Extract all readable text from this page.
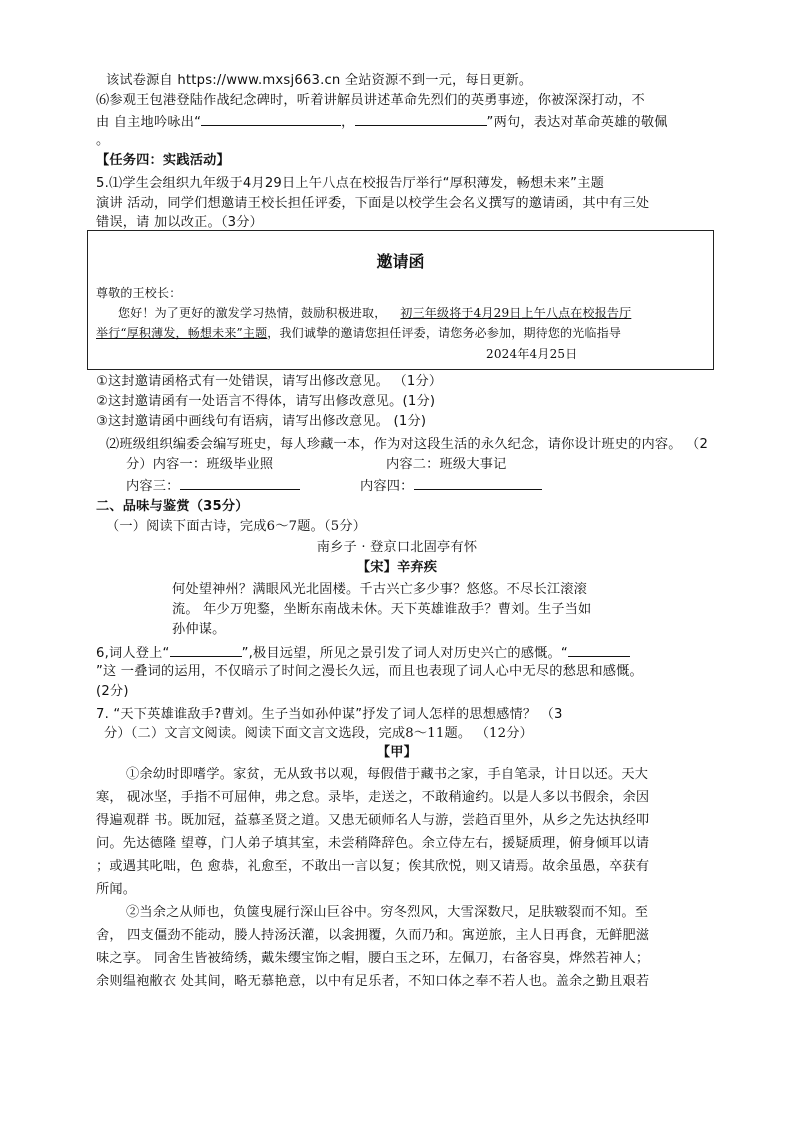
该试卷源自 https://www.mxsj663.cn 全站资源不到一元，每日更新。
⑹参观王包港登陆作战纪念碑时，听着讲解员讲述革命先烈们的英勇事迹，你被深深打动，不
由 自主地吟咏出“	，	”两句，表达对革命英雄的敬佩
。
【任务四：实践活动】
5.⑴学生会组织九年级于4月29日上午八点在校报告厅举行“厚积薄发，畅想未来”主题
演讲 活动，同学们想邀请王校长担任评委，下面是以校学生会名义撰写的邀请函，其中有三处
错误，请 加以改正。（3分）
邀请函
尊敬的王校长：
您好！为了更好的激发学习热情，鼓励积极进取， 初三年级将于4月29日上午八点在校报告厅
举行“厚积薄发，畅想未来”主题，我们诚挚的邀请您担任评委，请您务必参加，期待您的光临指导
2024年4月25日
①这封邀请函格式有一处错误，请写出修改意见。 （1分）
②这封邀请函有一处语言不得体，请写出修改意见。(1分)
③这封邀请函中画线句有语病，请写出修改意见。 (1分)
⑵班级组织编委会编写班史，每人珍藏一本，作为对这段生活的永久纪念，请你设计班史的内容。 （2
分）内容一：班级毕业照	内容二：班级大事记
内容三：	内容四：
二、品味与鉴赏（35分）
（一）阅读下面古诗，完成6～7题。（5分）
南乡子 · 登京口北固亭有怀
【宋】辛弃疾
何处望神州？满眼风光北固楼。千古兴亡多少事？悠悠。不尽长江滚滚
流。 年少万兜鍪，坐断东南战未休。天下英雄谁敌手？曹刘。生子当如
孙仲谋。
6,词人登上“	”,极目远望，所见之景引发了词人对历史兴亡的感慨。“
”这 一叠词的运用，不仅暗示了时间之漫长久远，而且也表现了词人心中无尽的愁思和感慨。
(2分)
7. “天下英雄谁敌手?曹刘。生子当如孙仲谋”抒发了词人怎样的思想感情？ （3
分）（二）文言文阅读。阅读下面文言文选段，完成8～11题。 （12分）
【甲】
①余幼时即嗜学。家贫，无从致书以观，每假借于藏书之家，手自笔录，计日以还。天大
寒， 砚冰坚，手指不可屈伸，弗之怠。录毕，走送之，不敢稍逾约。以是人多以书假余，余因
得遍观群 书。既加冠，益慕圣贤之道。又患无硕师名人与游，尝趋百里外，从乡之先达执经叩
问。先达德隆 望尊，门人弟子填其室，未尝稍降辞色。余立侍左右，援疑质理，俯身倾耳以请
；或遇其叱咄，色 愈恭，礼愈至，不敢出一言以复；俟其欣悦，则又请焉。故余虽愚，卒获有
所闻。
②当余之从师也，负箧曳屣行深山巨谷中。穷冬烈风，大雪深数尺，足肤皲裂而不知。至
舍， 四支僵劲不能动，媵人持汤沃灌，以衾拥覆，久而乃和。寓逆旅，主人日再食，无鲜肥滋
味之享。 同舍生皆被绮绣，戴朱缨宝饰之帽，腰白玉之环，左佩刀，右备容臭，烨然若神人；
余则缊袍敝衣 处其间，略无慕艳意，以中有足乐者，不知口体之奉不若人也。盖余之勤且艰若
